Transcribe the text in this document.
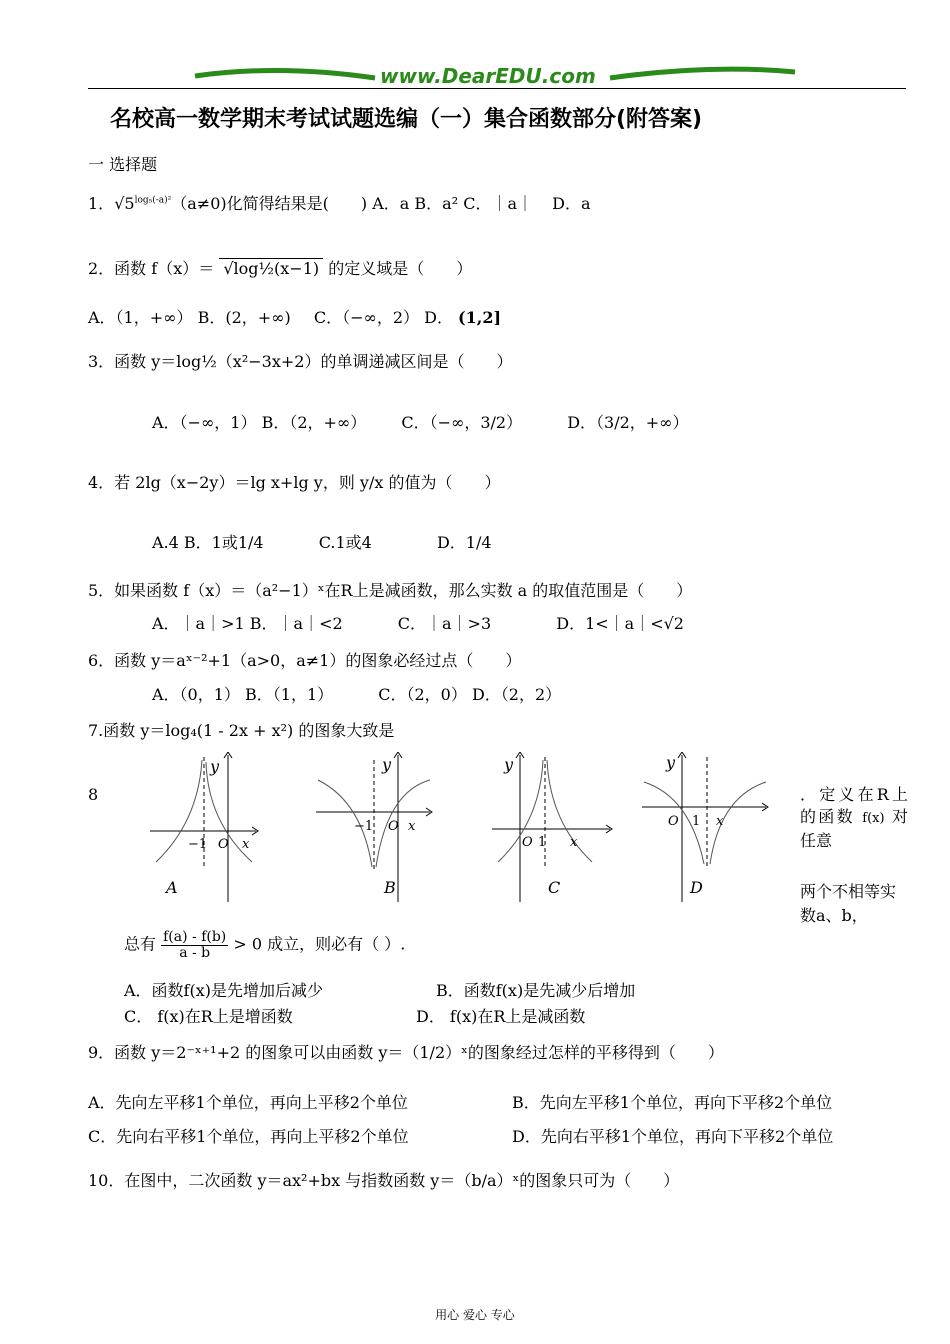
www.DearEDU.com
名校高一数学期末考试试题选编（一）集合函数部分(附答案)
一 选择题
1．$√5^{log_5(-a)^2}(a\ne 0)$化简得结果是(　　) A．a B．a² C．｜a｜ D．a
2．函数 f（x）＝ √log½(x−1) 的定义域是（　　）
A．（1，+∞） B．(2，+∞) C．（−∞，2） D． (1,2]
3．函数 y＝log½（x²−3x+2）的单调递减区间是（　　）
A．（−∞，1） B．（2，+∞） C．（−∞，3/2）	D．（3/2，+∞）
4．若 2lg（x−2y）＝lg x+lg y，则 y/x 的值为（　　）
A.4 B．1或1/4	C.1或4	D．1/4
5．如果函数 f（x）＝（a²−1）ˣ在R上是减函数，那么实数 a 的取值范围是（　　）
A．｜a｜>1 B．｜a｜<2	C．｜a｜>3	D．1<｜a｜<√2
6．函数 y＝aˣ⁻²+1（a>0，a≠1）的图象必经过点（　　）
A．（0，1） B．（1，1）	C．（2，0） D．（2，2）
7.函数 y＝log₄(1 - 2x + x²) 的图象大致是
8
y
−1 O x
A
y
−1 O x
B
y
O 1 x
C
y
O 1 x
D
．定义在R上的函数 f(x) 对任意
两个不相等实数a、b，
总有 $\frac{f(a) - f(b)}{a - b} > 0$ 成立，则必有（ ）.
A．函数f(x)是先增加后减少	B．函数f(x)是先减少后增加
C． f(x)在R上是增函数	D． f(x)在R上是减函数
9．函数 y＝2⁻ˣ⁺¹+2 的图象可以由函数 y＝（1/2）ˣ的图象经过怎样的平移得到（　　）
A．先向左平移1个单位，再向上平移2个单位	B．先向左平移1个单位，再向下平移2个单位
C．先向右平移1个单位，再向上平移2个单位	D．先向右平移1个单位，再向下平移2个单位
10．在图中，二次函数 y＝ax²+bx 与指数函数 y＝（b/a）ˣ的图象只可为（　　）
用心 爱心 专心
